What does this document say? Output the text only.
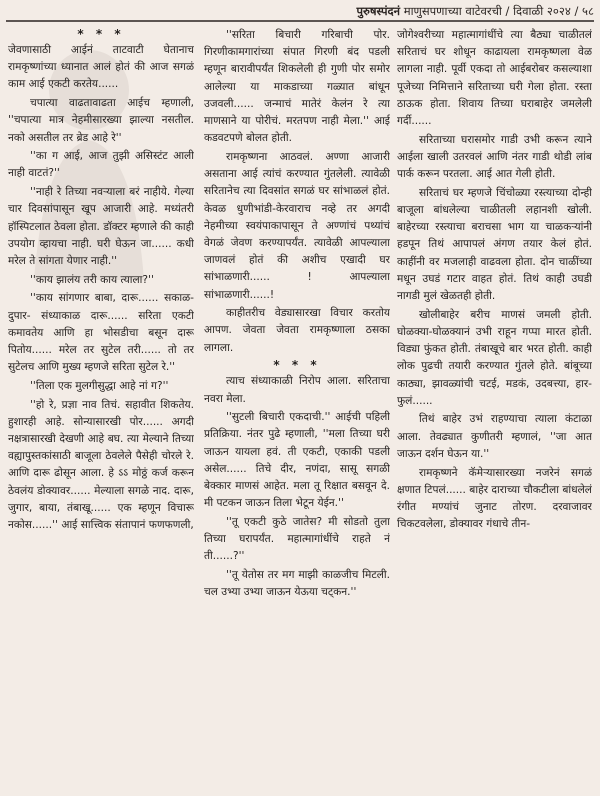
पुरुषस्पंदनं माणुसपणाच्या वाटेवरची / दिवाळी २०२४ / ५८
* * *

जेवणासाठी आईनं ताटवाटी घेतानाच रामकृष्णांच्या ध्यानात आलं होतं की आज सगळं काम आई एकटी करतेय......

चपात्या वाढतावाढता आईच म्हणाली, ''चपात्या मात्र नेहमीसारख्या झाल्या नसतील. नको असतील तर ब्रेड आहे रे''

''का ग आई, आज तुझी असिस्टंट आली नाही वाटतं?''

''नाही रे तिच्या नवऱ्याला बरं नाहीये. गेल्या चार दिवसांपासून खूप आजारी आहे. मध्यंतरी हॉस्पिटलात ठेवला होता. डॉक्टर म्हणाले की काही उपयोग व्हायचा नाही. घरी घेऊन जा...... कधी मरेल ते सांगता येणार नाही.''

''काय झालंय तरी काय त्याला?''

''काय सांगणार बाबा, दारू...... सकाळ-दुपार- संध्याकाळ दारू...... सरिता एकटी कमावतेय आणि हा भोसडीचा बसून दारू पितोय...... मरेल तर सुटेल तरी...... तो तर सुटेलच आणि मुख्य म्हणजे सरिता सुटेल रे.''

''तिला एक मुलगीसुद्धा आहे नां ग?''

''हो रे, प्रज्ञा नाव तिचं. सहावीत शिकतेय. हुशारही आहे. सोन्यासारखी पोर...... अगदी नक्षत्रासारखी देखणी आहे बघ. त्या मेल्याने तिच्या वह्यापुस्तकांसाठी बाजूला ठेवलेले पैसेही चोरले रे. आणि दारू ढोसून आला. हे ऽऽ मोठ्ठं कर्ज करून ठेवलंय डोक्यावर...... मेल्याला सगळे नाद. दारू, जुगार, बाया, तंबाखू...... एक म्हणून विचारू नकोस......'' आई सात्त्विक संतापानं फणफणली,

''सरिता बिचारी गरिबाची पोर. गिरणीकामगारांच्या संपात गिरणी बंद पडली म्हणून बारावीपर्यंत शिकलेली ही गुणी पोर समोर आलेल्या या माकडाच्या गळ्यात बांधून उजवली...... जन्माचं मातेरं केलंन रे त्या माणसाने या पोरीचं. मरतपण नाही मेला.'' आई कडवटपणे बोलत होती.

रामकृष्णना आठवलं. अण्णा आजारी असताना आई त्यांचं करण्यात गुंतलेली. त्यावेळी सरितानेच त्या दिवसांत सगळं घर सांभाळलं होतं. केवळ धुणीभांडी-केरवाराच नव्हे तर अगदी नेहमीच्या स्वयंपाकापासून ते अण्णांचं पथ्यांचं वेगळं जेवण करण्यापर्यंत. त्यावेळी आपल्याला जाणवलं होतं की अशीच एखादी घर सांभाळणारी...... ! आपल्याला सांभाळणारी......!

काहीतरीच वेड्यासारखा विचार करतोय आपण. जेवता जेवता रामकृष्णाला ठसका लागला.

* * *

त्याच संध्याकाळी निरोप आला. सरिताचा नवरा मेला.

''सुटली बिचारी एकदाची.'' आईची पहिली प्रतिक्रिया. नंतर पुढे म्हणाली, ''मला तिच्या घरी जाऊन यायला हवं. ती एकटी, एकाकी पडली असेल...... तिचे दीर, नणंदा, सासू सगळी बेक्कार माणसं आहेत. मला तू रिक्षात बसवून दे. मी पटकन जाऊन तिला भेटून येईन.''

''तू एकटी कुठे जातेस? मी सोडतो तुला तिच्या घरापर्यंत. महात्मागांधींचे राहते नं ती......?''

''तू येतोस तर मग माझी काळजीच मिटली. चल उभ्या उभ्या जाऊन येऊया चट्कन.''

जोगेश्वरीच्या महात्मागांधींचे त्या बैठ्या चाळीतलं सरिताचं घर शोधून काढायला रामकृष्णला वेळ लागला नाही. पूर्वी एकदा तो आईबरोबर कसल्याशा पूजेच्या निमित्ताने सरिताच्या घरी गेला होता. रस्ता ठाऊक होता. शिवाय तिच्या घराबाहेर जमलेली गर्दी......

सरिताच्या घरासमोर गाडी उभी करून त्याने आईला खाली उतरवलं आणि नंतर गाडी थोडी लांब पार्क करून परतला. आई आत गेली होती.

सरिताचं घर म्हणजे चिंचोळ्या रस्त्याच्या दोन्ही बाजूला बांधलेल्या चाळीतली लहानशी खोली. बाहेरच्या रस्त्याचा बराचसा भाग या चाळकऱ्यांनी हडपून तिथं आपापलं अंगण तयार केलं होतं. काहींनी वर मजलाही वाढवला होता. दोन चाळींच्या मधून उघडं गटार वाहत होतं. तिथं काही उघडी नागडी मुलं खेळतही होती.

खोलीबाहेर बरीच माणसं जमली होती. घोळक्या-घोळक्यानं उभी राहून गप्पा मारत होती. विड्या फुंकत होती. तंबाखूचे बार भरत होती. काही लोक पुढची तयारी करण्यात गुंतले होते. बांबूच्या काठ्या, झावळ्यांची चटई, मडकं, उदबत्त्या, हार-फुलं......

तिथं बाहेर उभं राहण्याचा त्याला कंटाळा आला. तेवढ्यात कुणीतरी म्हणालं, ''जा आत जाऊन दर्शन घेऊन या.''

रामकृष्णने कॅमेऱ्यासारख्या नजरेनं सगळं क्षणात टिपलं...... बाहेर दाराच्या चौकटीला बांधलेलं रंगीत मण्यांचं जुनाट तोरण. दरवाजावर चिकटवलेला, डोक्यावर गंधाचे तीन-
